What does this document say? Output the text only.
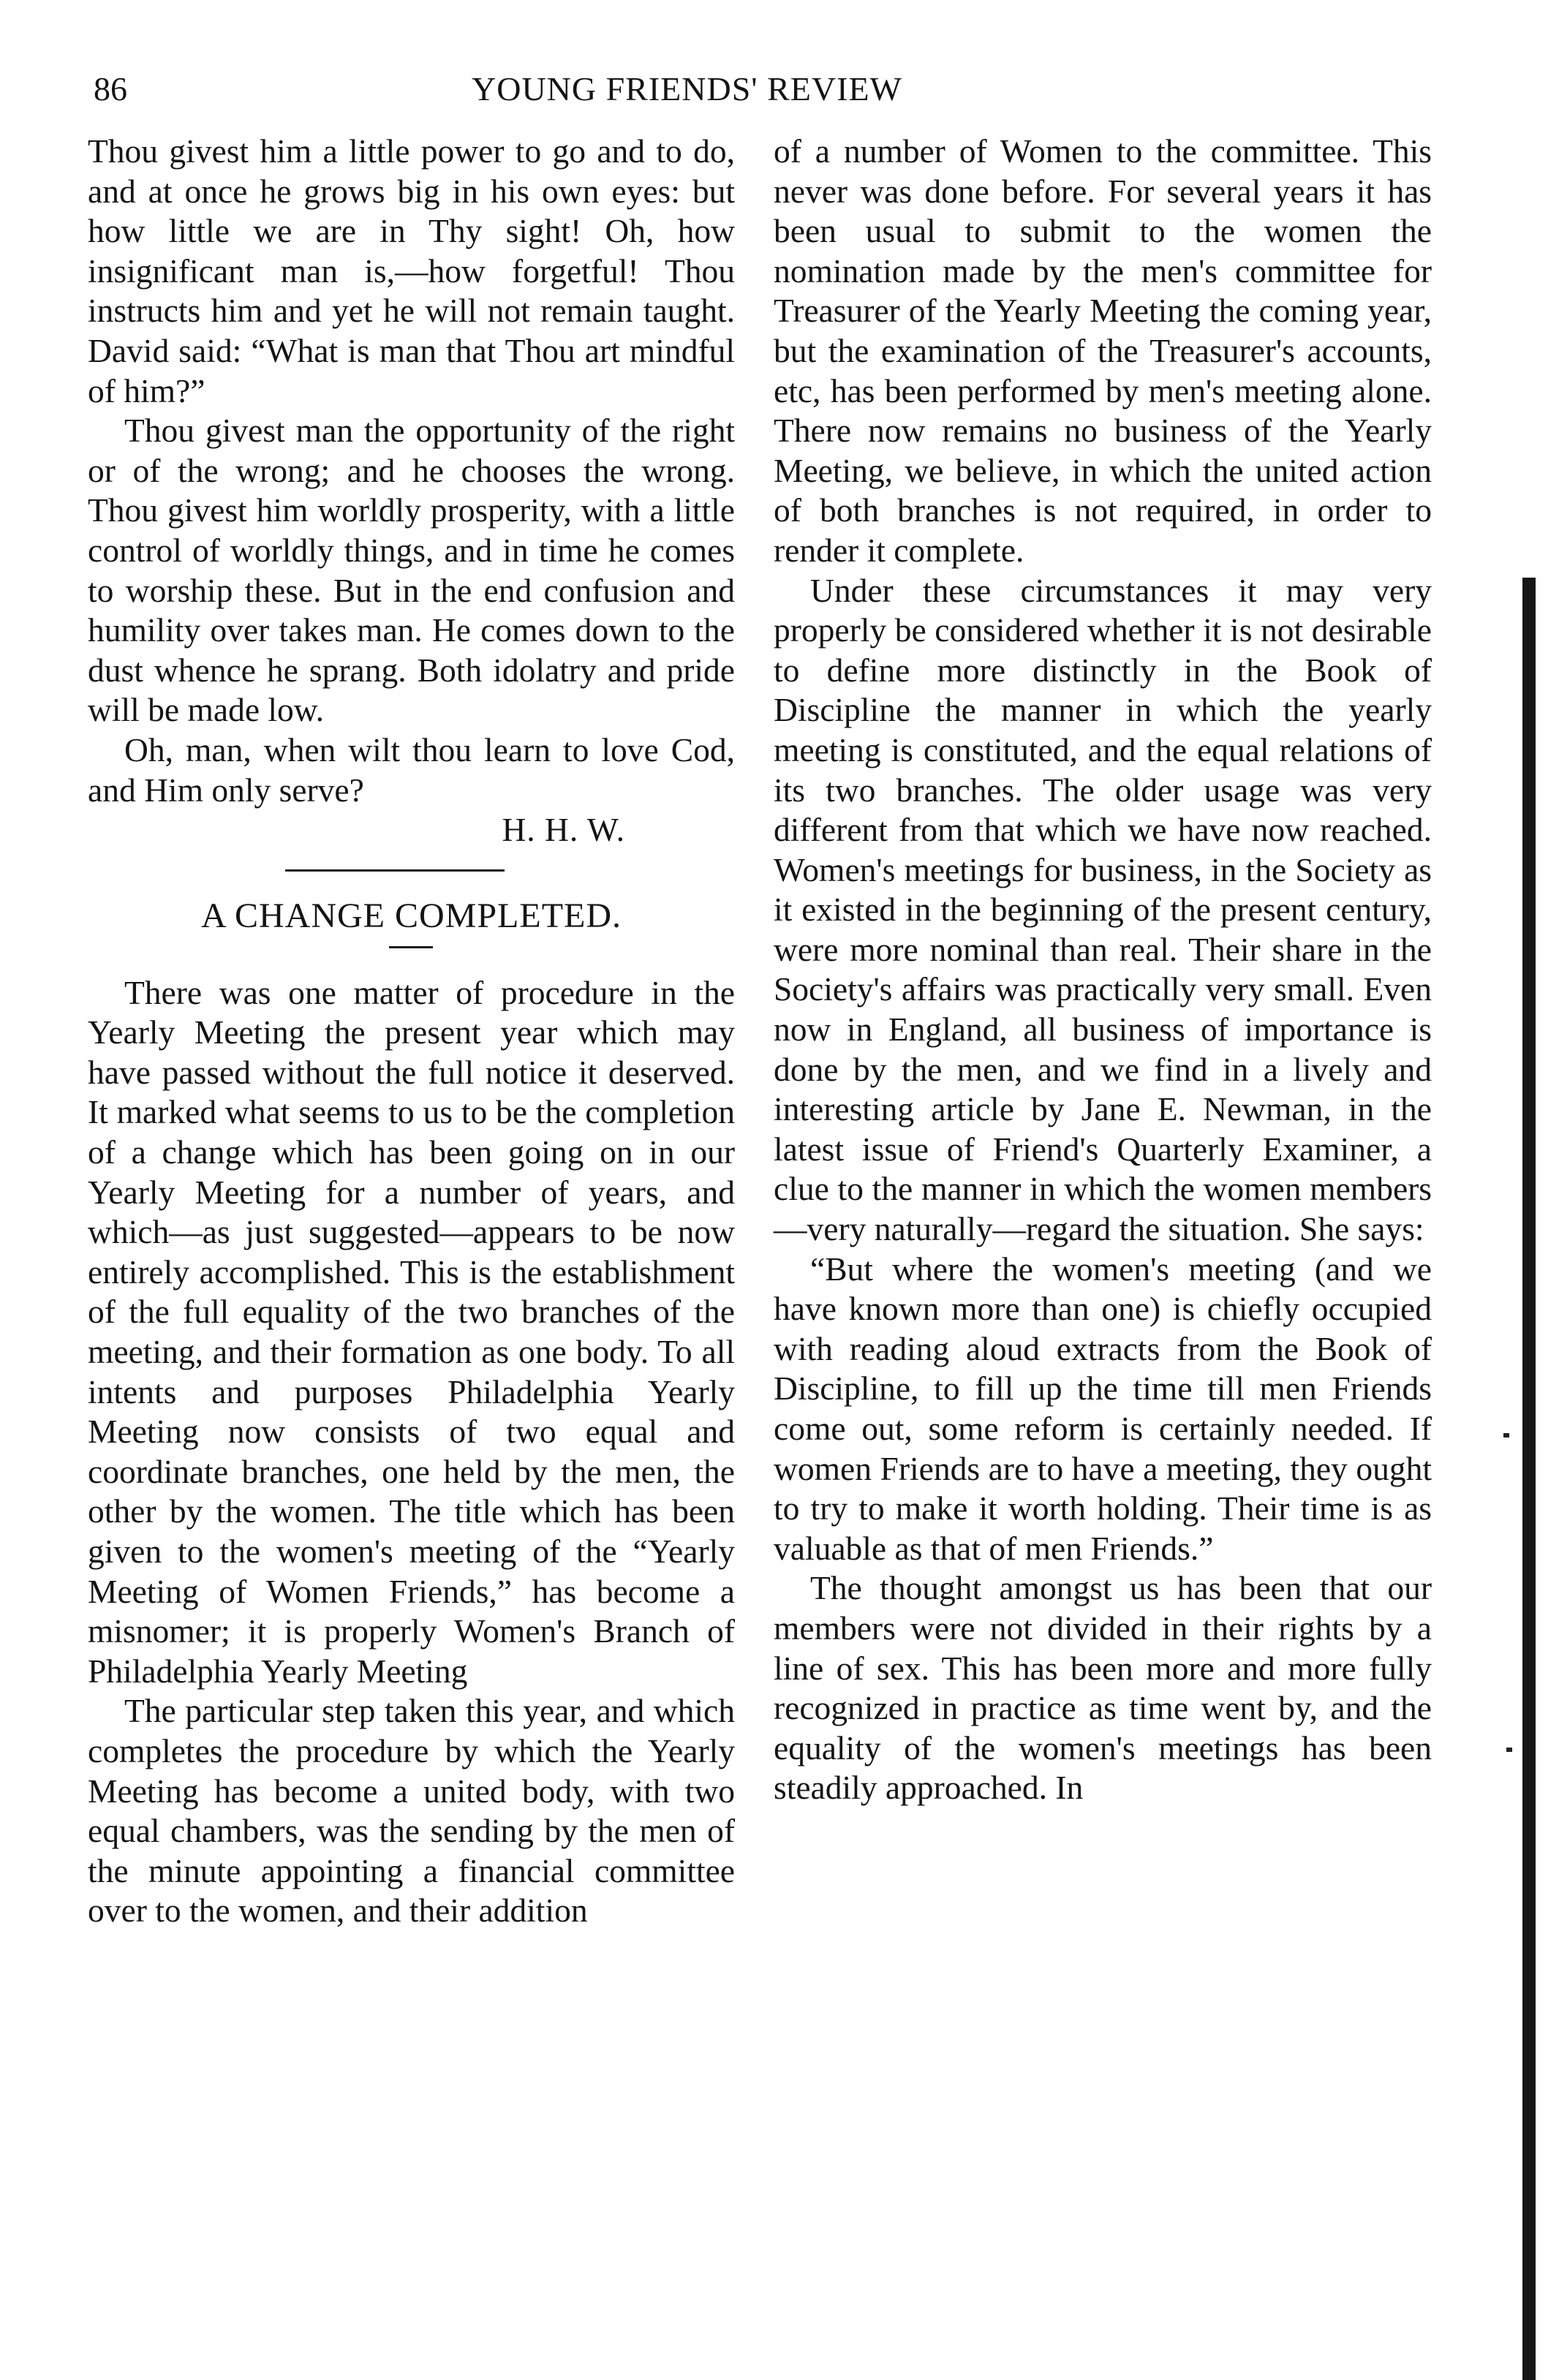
86	YOUNG FRIENDS' REVIEW

Thou givest him a little power to go and to do, and at once he grows big in his own eyes: but how little we are in Thy sight! Oh, how insignificant man is,—how forgetful! Thou instructs him and yet he will not remain taught. David said: “What is man that Thou art mindful of him?”

Thou givest man the opportunity of the right or of the wrong; and he chooses the wrong. Thou givest him worldly prosperity, with a little control of worldly things, and in time he comes to worship these. But in the end confusion and humility over takes man. He comes down to the dust whence he sprang. Both idolatry and pride will be made low.

Oh, man, when wilt thou learn to love Cod, and Him only serve?

H. H. W.

A CHANGE COMPLETED.

There was one matter of procedure in the Yearly Meeting the present year which may have passed without the full notice it deserved. It marked what seems to us to be the completion of a change which has been going on in our Yearly Meeting for a number of years, and which—as just suggested—appears to be now entirely accomplished. This is the establishment of the full equality of the two branches of the meeting, and their formation as one body. To all intents and purposes Philadelphia Yearly Meeting now consists of two equal and coordinate branches, one held by the men, the other by the women. The title which has been given to the women's meeting of the “Yearly Meeting of Women Friends,” has become a misnomer; it is properly Women's Branch of Philadelphia Yearly Meeting

The particular step taken this year, and which completes the procedure by which the Yearly Meeting has become a united body, with two equal chambers, was the sending by the men of the minute appointing a financial committee over to the women, and their addition

of a number of Women to the committee. This never was done before. For several years it has been usual to submit to the women the nomination made by the men's committee for Treasurer of the Yearly Meeting the coming year, but the examination of the Treasurer's accounts, etc, has been performed by men's meeting alone. There now remains no business of the Yearly Meeting, we believe, in which the united action of both branches is not required, in order to render it complete.

Under these circumstances it may very properly be considered whether it is not desirable to define more distinctly in the Book of Discipline the manner in which the yearly meeting is constituted, and the equal relations of its two branches. The older usage was very different from that which we have now reached. Women's meetings for business, in the Society as it existed in the beginning of the present century, were more nominal than real. Their share in the Society's affairs was practically very small. Even now in England, all business of importance is done by the men, and we find in a lively and interesting article by Jane E. Newman, in the latest issue of Friend's Quarterly Examiner, a clue to the manner in which the women members—very naturally—regard the situation. She says:

“But where the women's meeting (and we have known more than one) is chiefly occupied with reading aloud extracts from the Book of Discipline, to fill up the time till men Friends come out, some reform is certainly needed. If women Friends are to have a meeting, they ought to try to make it worth holding. Their time is as valuable as that of men Friends.”

The thought amongst us has been that our members were not divided in their rights by a line of sex. This has been more and more fully recognized in practice as time went by, and the equality of the women's meetings has been steadily approached. In
